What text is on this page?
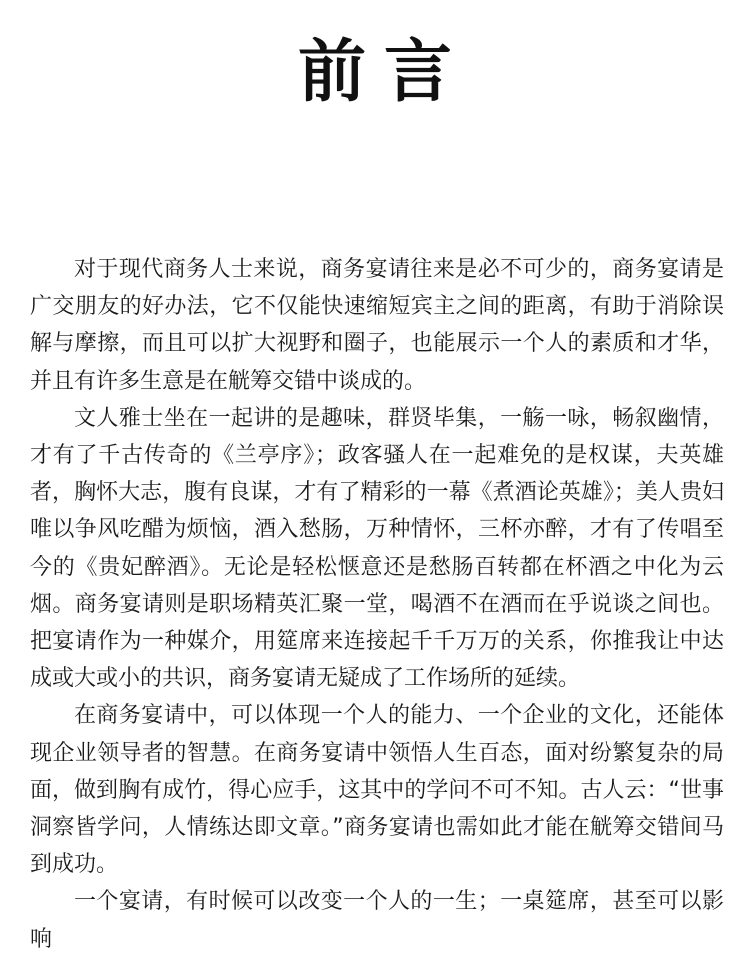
前言

对于现代商务人士来说，商务宴请往来是必不可少的，商务宴请是广交朋友的好办法，它不仅能快速缩短宾主之间的距离，有助于消除误解与摩擦，而且可以扩大视野和圈子，也能展示一个人的素质和才华，并且有许多生意是在觥筹交错中谈成的。

文人雅士坐在一起讲的是趣味，群贤毕集，一觞一咏，畅叙幽情，才有了千古传奇的《兰亭序》；政客骚人在一起难免的是权谋，夫英雄者，胸怀大志，腹有良谋，才有了精彩的一幕《煮酒论英雄》；美人贵妇唯以争风吃醋为烦恼，酒入愁肠，万种情怀，三杯亦醉，才有了传唱至今的《贵妃醉酒》。无论是轻松惬意还是愁肠百转都在杯酒之中化为云烟。商务宴请则是职场精英汇聚一堂，喝酒不在酒而在乎说谈之间也。把宴请作为一种媒介，用筵席来连接起千千万万的关系，你推我让中达成或大或小的共识，商务宴请无疑成了工作场所的延续。

在商务宴请中，可以体现一个人的能力、一个企业的文化，还能体现企业领导者的智慧。在商务宴请中领悟人生百态，面对纷繁复杂的局面，做到胸有成竹，得心应手，这其中的学问不可不知。古人云：“世事洞察皆学问，人情练达即文章。”商务宴请也需如此才能在觥筹交错间马到成功。

一个宴请，有时候可以改变一个人的一生；一桌筵席，甚至可以影响
